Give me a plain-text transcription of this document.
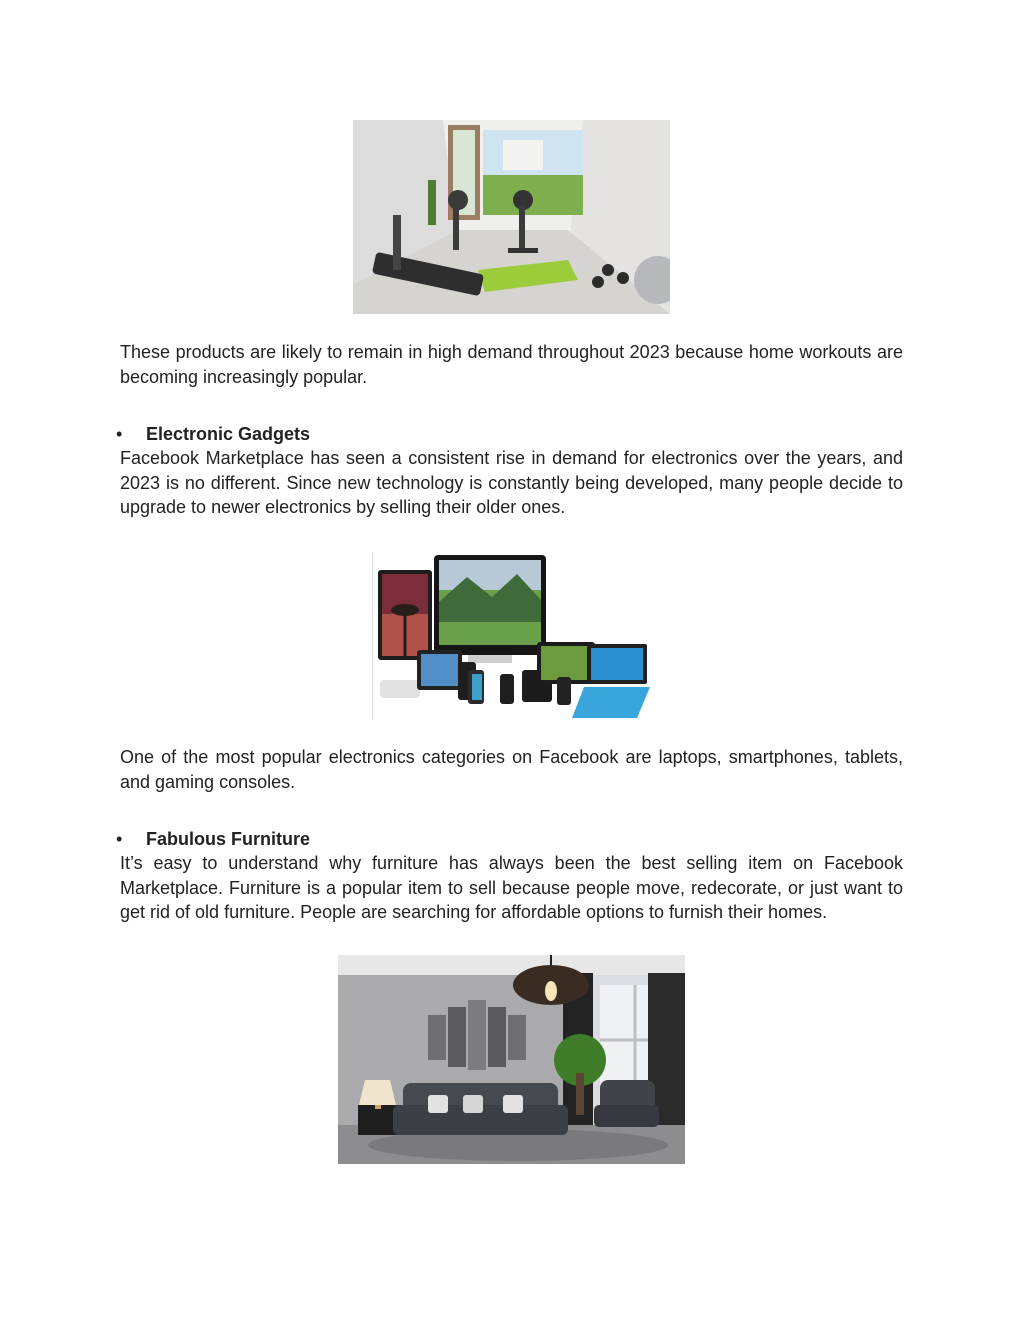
These products are likely to remain in high demand throughout 2023 because home workouts are becoming increasingly popular.

• Electronic Gadgets

Facebook Marketplace has seen a consistent rise in demand for electronics over the years, and 2023 is no different. Since new technology is constantly being developed, many people decide to upgrade to newer electronics by selling their older ones.

One of the most popular electronics categories on Facebook are laptops, smartphones, tablets, and gaming consoles.

• Fabulous Furniture

It’s easy to understand why furniture has always been the best selling item on Facebook Marketplace. Furniture is a popular item to sell because people move, redecorate, or just want to get rid of old furniture. People are searching for affordable options to furnish their homes.
